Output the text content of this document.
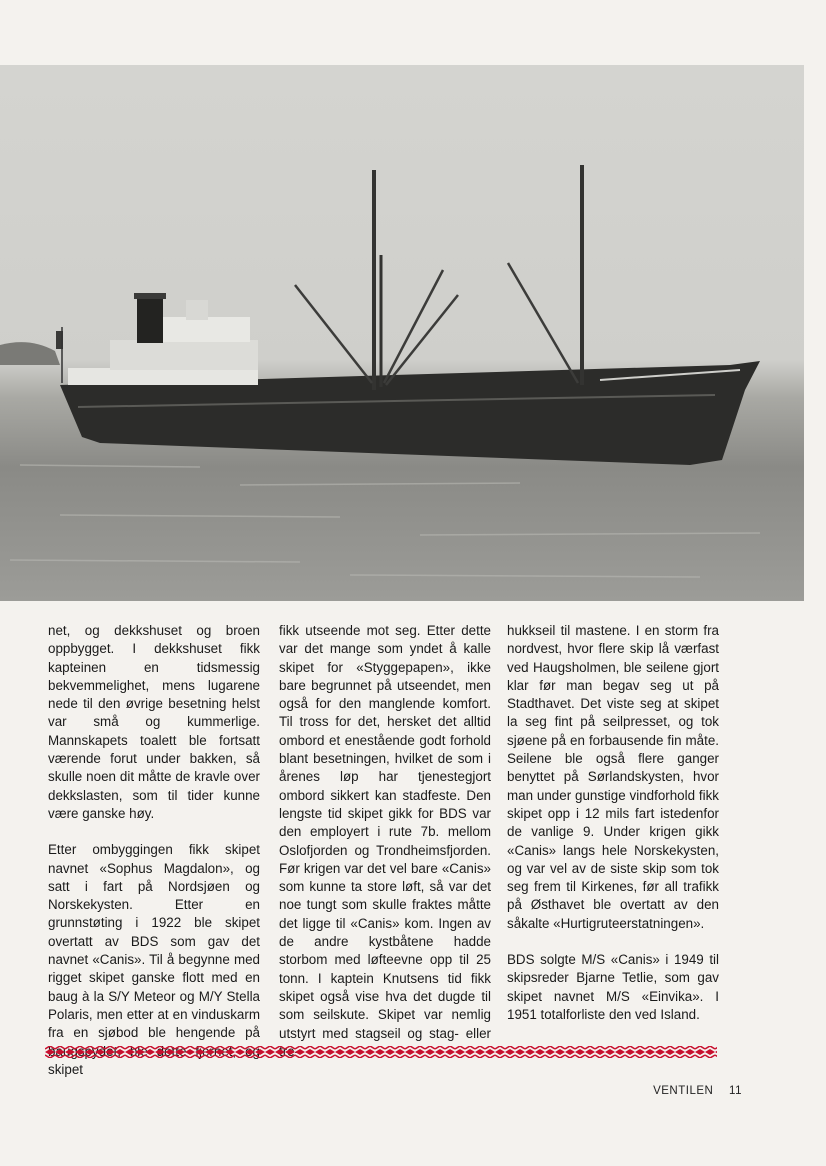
net, og dekkshuset og broen oppbygget. I dekkshuset fikk kapteinen en tidsmessig bekvemmelighet, mens lugarene nede til den øvrige besetning helst var små og kummerlige. Mannskapets toalett ble fortsatt værende forut under bakken, så skulle noen dit måtte de kravle over dekkslasten, som til tider kunne være ganske høy.

Etter ombyggingen fikk skipet navnet «Sophus Magdalon», og satt i fart på Nordsjøen og Norskekysten. Etter en grunnstøting i 1922 ble skipet overtatt av BDS som gav det navnet «Canis». Til å begynne med rigget skipet ganske flott med en baug à la S/Y Meteor og M/Y Stella Polaris, men etter at en vinduskarm fra en sjøbod ble hengende på skipet

fikk utseende mot seg. Etter dette var det mange som yndet å kalle skipet for «Styggepapen», ikke bare begrunnet på utseendet, men også for den manglende komfort. Til tross for det, hersket det alltid ombord et enestående godt forhold blant besetningen, hvilket de som i årenes løp har tjenestegjort ombord sikkert kan stadfeste. Den lengste tid skipet gikk for BDS var den employert i rute 7b. mellom Oslofjorden og Trondheimsfjorden. Før krigen var det vel bare «Canis» som kunne ta store løft, så var det noe tungt som skulle fraktes måtte det ligge til «Canis» kom. Ingen av de andre kystbåtene hadde storbom med løfteevne opp til 25 tonn. I kaptein Knutsens tid fikk skipet også vise hva det dugde til som seilskute. Skipet var nemlig utstyrt med stagseil og stag- eller

hukkseil til mastene. I en storm fra nordvest, hvor flere skip lå værfast ved Haugsholmen, ble seilene gjort klar før man begav seg ut på Stadthavet. Det viste seg at skipet la seg fint på seilpresset, og tok sjøene på en forbausende fin måte. Seilene ble også flere ganger benyttet på Sørlandskysten, hvor man under gunstige vindforhold fikk skipet opp i 12 mils fart istedenfor de vanlige 9. Under krigen gikk «Canis» langs hele Norskekysten, og var vel av de siste skip som tok seg frem til Kirkenes, før all trafikk på Østhavet ble overtatt av den såkalte «Hurtigruteerstatningen».

BDS solgte M/S «Canis» i 1949 til skipsreder Bjarne Tetlie, som gav skipet navnet M/S «Einvika». I 1951 totalforliste den ved Island.

VENTILEN 11
